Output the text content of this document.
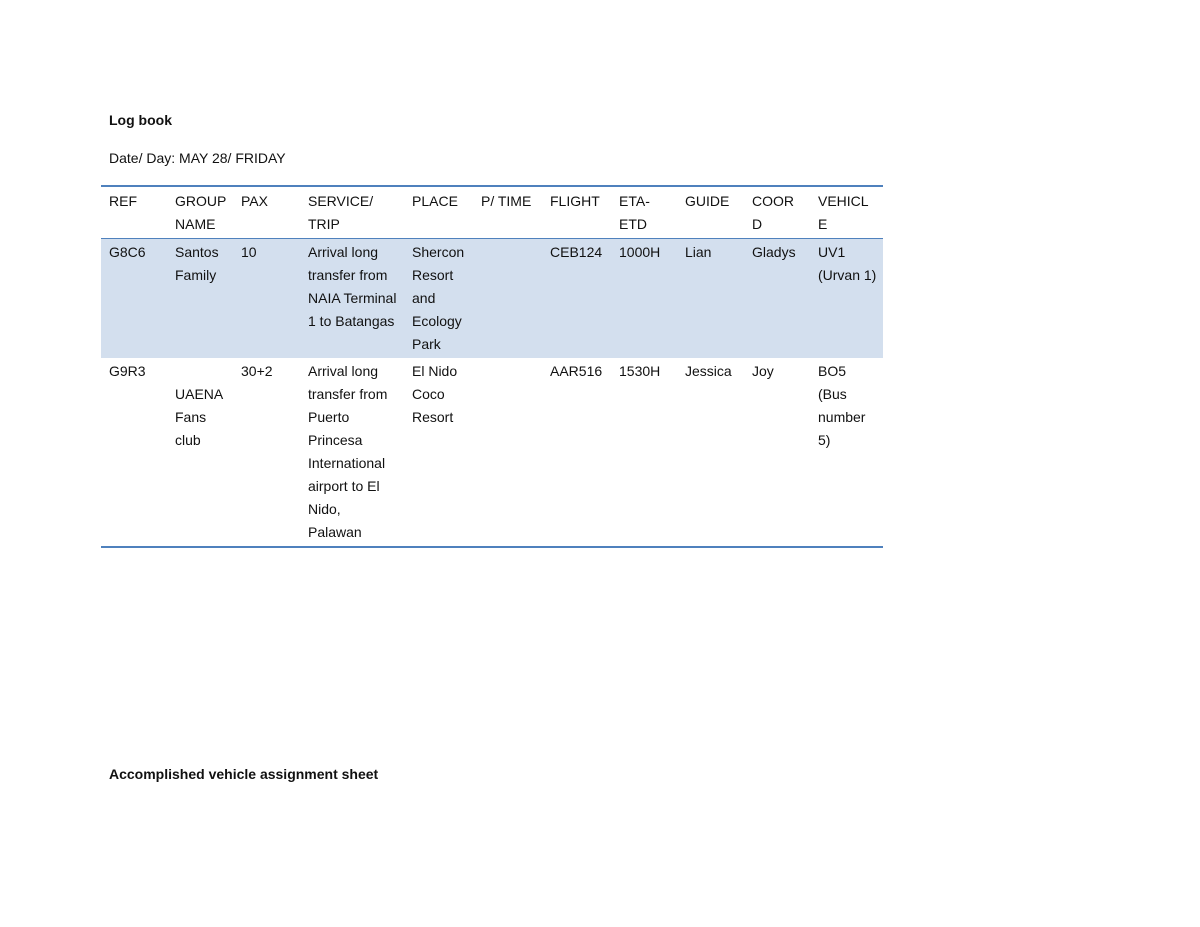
Log book
Date/ Day: MAY 28/ FRIDAY
REF	GROUP NAME	PAX	SERVICE/ TRIP	PLACE	P/ TIME	FLIGHT	ETA-ETD	GUIDE	COORD	VEHICLE
G8C6	Santos Family	10	Arrival long transfer from NAIA Terminal 1 to Batangas	Shercon Resort and Ecology Park		CEB124	1000H	Lian	Gladys	UV1 (Urvan 1)
G9R3	UAENA Fans club	30+2	Arrival long transfer from Puerto Princesa International airport to El Nido, Palawan	El Nido Coco Resort		AAR516	1530H	Jessica	Joy	BO5 (Bus number 5)
Accomplished vehicle assignment sheet
